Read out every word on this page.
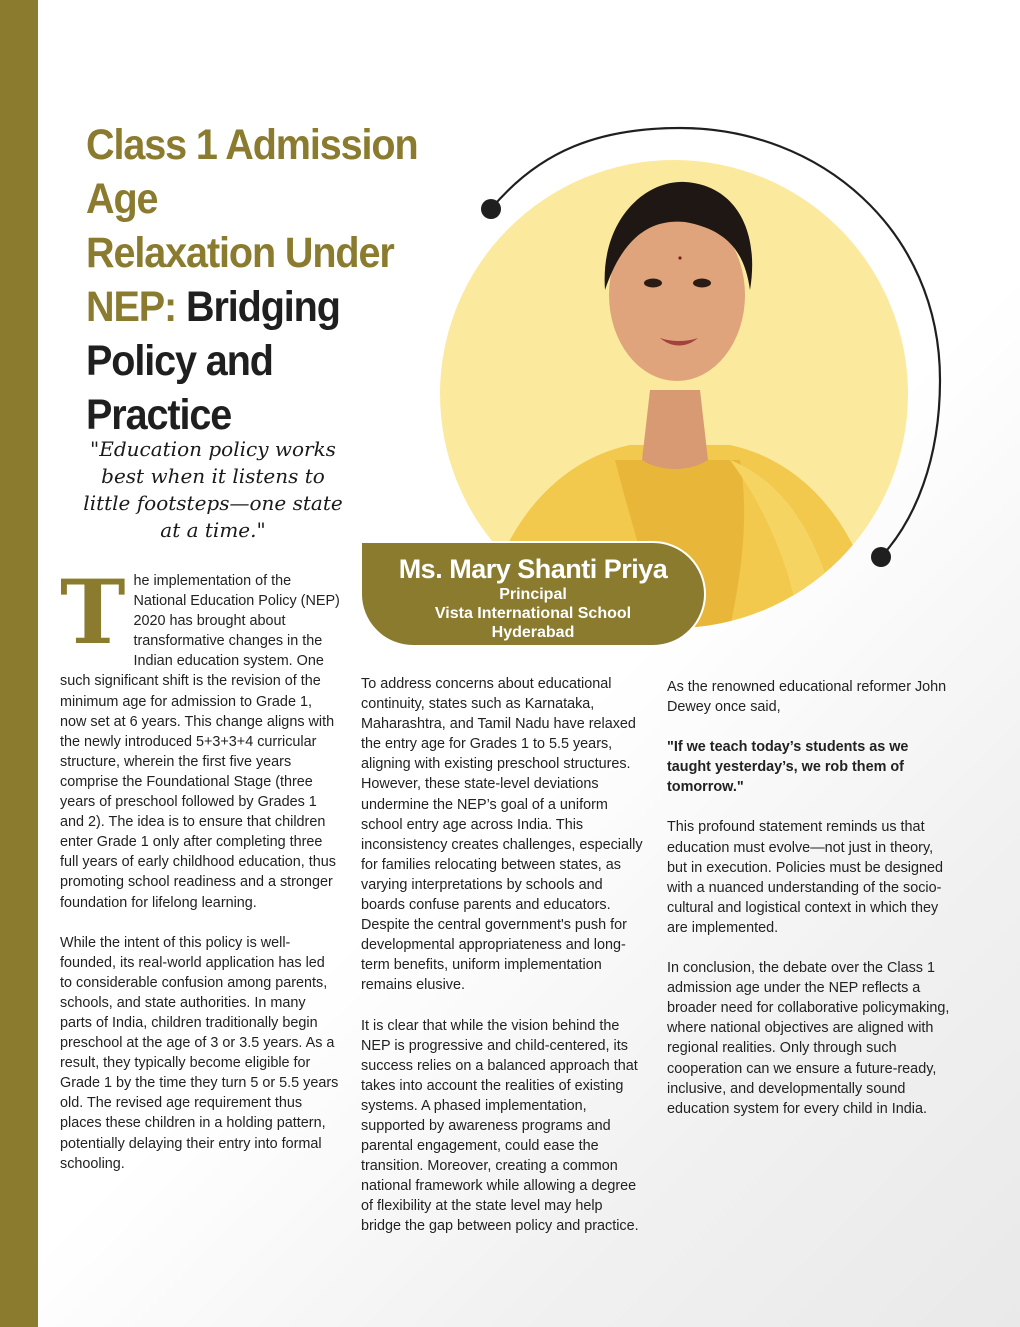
Class 1 Admission Age
Relaxation Under
NEP: Bridging
Policy and
Practice
Ms. Mary Shanti Priya
Principal
Vista International School
Hyderabad
"Education policy works best when it listens to little footsteps—one state at a time."

The implementation of the National Education Policy (NEP) 2020 has brought about transformative changes in the Indian education system. One such significant shift is the revision of the minimum age for admission to Grade 1, now set at 6 years. This change aligns with the newly introduced 5+3+3+4 curricular structure, wherein the first five years comprise the Foundational Stage (three years of preschool followed by Grades 1 and 2). The idea is to ensure that children enter Grade 1 only after completing three full years of early childhood education, thus promoting school readiness and a stronger foundation for lifelong learning.

While the intent of this policy is well-founded, its real-world application has led to considerable confusion among parents, schools, and state authorities. In many parts of India, children traditionally begin preschool at the age of 3 or 3.5 years. As a result, they typically become eligible for Grade 1 by the time they turn 5 or 5.5 years old. The revised age requirement thus places these children in a holding pattern, potentially delaying their entry into formal schooling.

To address concerns about educational continuity, states such as Karnataka, Maharashtra, and Tamil Nadu have relaxed the entry age for Grades 1 to 5.5 years, aligning with existing preschool structures. However, these state-level deviations undermine the NEP’s goal of a uniform school entry age across India. This inconsistency creates challenges, especially for families relocating between states, as varying interpretations by schools and boards confuse parents and educators. Despite the central government's push for developmental appropriateness and long-term benefits, uniform implementation remains elusive.

It is clear that while the vision behind the NEP is progressive and child-centered, its success relies on a balanced approach that takes into account the realities of existing systems. A phased implementation, supported by awareness programs and parental engagement, could ease the transition. Moreover, creating a common national framework while allowing a degree of flexibility at the state level may help bridge the gap between policy and practice.

As the renowned educational reformer John Dewey once said,

"If we teach today’s students as we taught yesterday’s, we rob them of tomorrow."

This profound statement reminds us that education must evolve—not just in theory, but in execution. Policies must be designed with a nuanced understanding of the socio-cultural and logistical context in which they are implemented.

In conclusion, the debate over the Class 1 admission age under the NEP reflects a broader need for collaborative policymaking, where national objectives are aligned with regional realities. Only through such cooperation can we ensure a future-ready, inclusive, and developmentally sound education system for every child in India.
